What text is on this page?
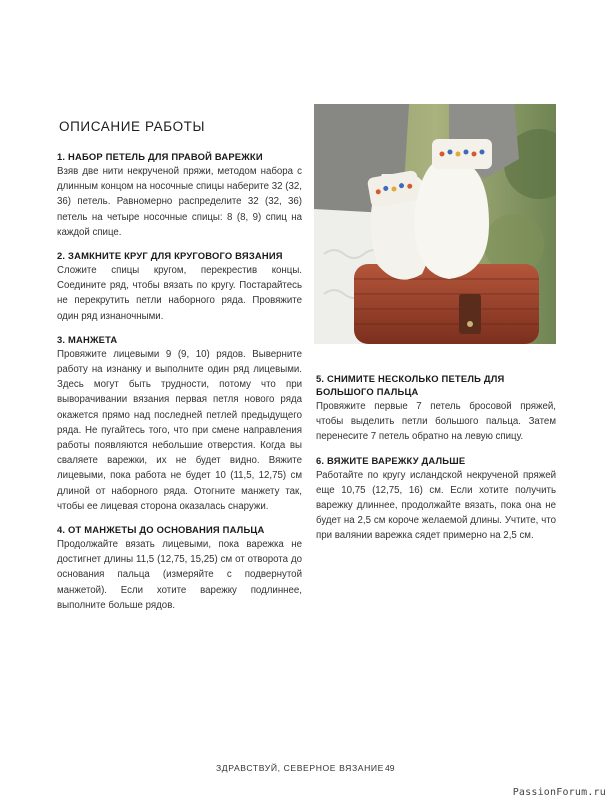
ОПИСАНИЕ РАБОТЫ
1. НАБОР ПЕТЕЛЬ ДЛЯ ПРАВОЙ ВАРЕЖКИ

Взяв две нити некрученой пряжи, методом набора с длинным концом на носочные спицы наберите 32 (32, 36) петель. Равномерно распределите 32 (32, 36) петель на четыре носочные спицы: 8 (8, 9) спиц на каждой спице.

2. ЗАМКНИТЕ КРУГ ДЛЯ КРУГОВОГО ВЯЗАНИЯ

Сложите спицы кругом, перекрестив концы. Соедините ряд, чтобы вязать по кругу. Постарайтесь не перекрутить петли наборного ряда. Провяжите один ряд изнаночными.

3. МАНЖЕТА

Провяжите лицевыми 9 (9, 10) рядов. Выверните работу на изнанку и выполните один ряд лицевыми. Здесь могут быть трудности, потому что при выворачивании вязания первая петля нового ряда окажется прямо над последней петлей предыдущего ряда. Не пугайтесь того, что при смене направления работы появляются небольшие отверстия. Когда вы сваляете варежки, их не будет видно. Вяжите лицевыми, пока работа не будет 10 (11,5, 12,75) см длиной от наборного ряда. Отогните манжету так, чтобы ее лицевая сторона оказалась снаружи.

4. ОТ МАНЖЕТЫ ДО ОСНОВАНИЯ ПАЛЬЦА

Продолжайте вязать лицевыми, пока варежка не достигнет длины 11,5 (12,75, 15,25) см от отворота до основания пальца (измеряйте с подвернутой манжетой). Если хотите варежку подлиннее, выполните больше рядов.

5. СНИМИТЕ НЕСКОЛЬКО ПЕТЕЛЬ ДЛЯ БОЛЬШОГО ПАЛЬЦА

Провяжите первые 7 петель бросовой пряжей, чтобы выделить петли большого пальца. Затем перенесите 7 петель обратно на левую спицу.

6. ВЯЖИТЕ ВАРЕЖКУ ДАЛЬШЕ

Работайте по кругу исландской некрученой пряжей еще 10,75 (12,75, 16) см. Если хотите получить варежку длиннее, продолжайте вязать, пока она не будет на 2,5 см короче желаемой длины. Учтите, что при валянии варежка сядет примерно на 2,5 см.

ЗДРАВСТВУЙ, СЕВЕРНОЕ ВЯЗАНИЕ 49
PassionForum.ru
